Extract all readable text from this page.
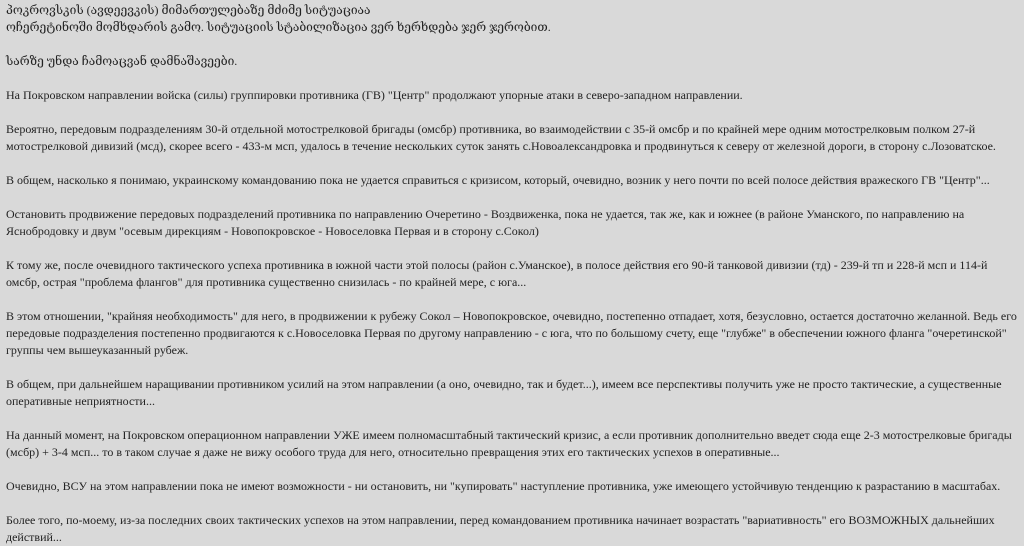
პოკროვსკის (ავდეევკის) მიმართულებაზე მძიმე სიტუაციაა
ოჩერეტინოში მომხდარის გამო. სიტუაციის სტაბილიზაცია ვერ ხერხდება ჯერ ჯერობით.

სარზე უნდა ჩამოაცვან დამნაშავეები.

На Покровском направлении войска (силы) группировки противника (ГВ) "Центр" продолжают упорные атаки в северо-западном направлении.

Вероятно, передовым подразделениям 30-й отдельной мотострелковой бригады (омсбр) противника, во взаимодействии с 35-й омсбр и по крайней мере одним мотострелковым полком 27-й мотострелковой дивизий (мсд), скорее всего - 433-м мсп, удалось в течение нескольких суток занять с.Новоалександровка и продвинуться к северу от железной дороги, в сторону с.Лозоватское.

В общем, насколько я понимаю, украинскому командованию пока не удается справиться с кризисом, который, очевидно, возник у него почти по всей полосе действия вражеского ГВ "Центр"...

Остановить продвижение передовых подразделений противника по направлению Очеретино - Воздвиженка, пока не удается, так же, как и южнее (в районе Уманского, по направлению на Яснобродовку и двум "осевым дирекциям - Новопокровское - Новоселовка Первая и в сторону с.Сокол)

К тому же, после очевидного тактического успеха противника в южной части этой полосы (район с.Уманское), в полосе действия его 90-й танковой дивизии (тд) - 239-й тп и 228-й мсп и 114-й омсбр, острая "проблема флангов" для противника существенно снизилась - по крайней мере, с юга...

В этом отношении, "крайняя необходимость" для него, в продвижении к рубежу Сокол – Новопокровское, очевидно, постепенно отпадает, хотя, безусловно, остается достаточно желанной. Ведь его передовые подразделения постепенно продвигаются к с.Новоселовка Первая по другому направлению - с юга, что по большому счету, еще "глубже" в обеспечении южного фланга "очеретинской" группы чем вышеуказанный рубеж.

В общем, при дальнейшем наращивании противником усилий на этом направлении (а оно, очевидно, так и будет...), имеем все перспективы получить уже не просто тактические, а существенные оперативные неприятности...

На данный момент, на Покровском операционном направлении УЖЕ имеем полномасштабный тактический кризис, а если противник дополнительно введет сюда еще 2-3 мотострелковые бригады (мсбр) + 3-4 мсп... то в таком случае я даже не вижу особого труда для него, относительно превращения этих его тактических успехов в оперативные...

Очевидно, ВСУ на этом направлении пока не имеют возможности - ни остановить, ни "купировать" наступление противника, уже имеющего устойчивую тенденцию к разрастанию в масштабах.

Более того, по-моему, из-за последних своих тактических успехов на этом направлении, перед командованием противника начинает возрастать "вариативность" его ВОЗМОЖНЫХ дальнейших действий...
